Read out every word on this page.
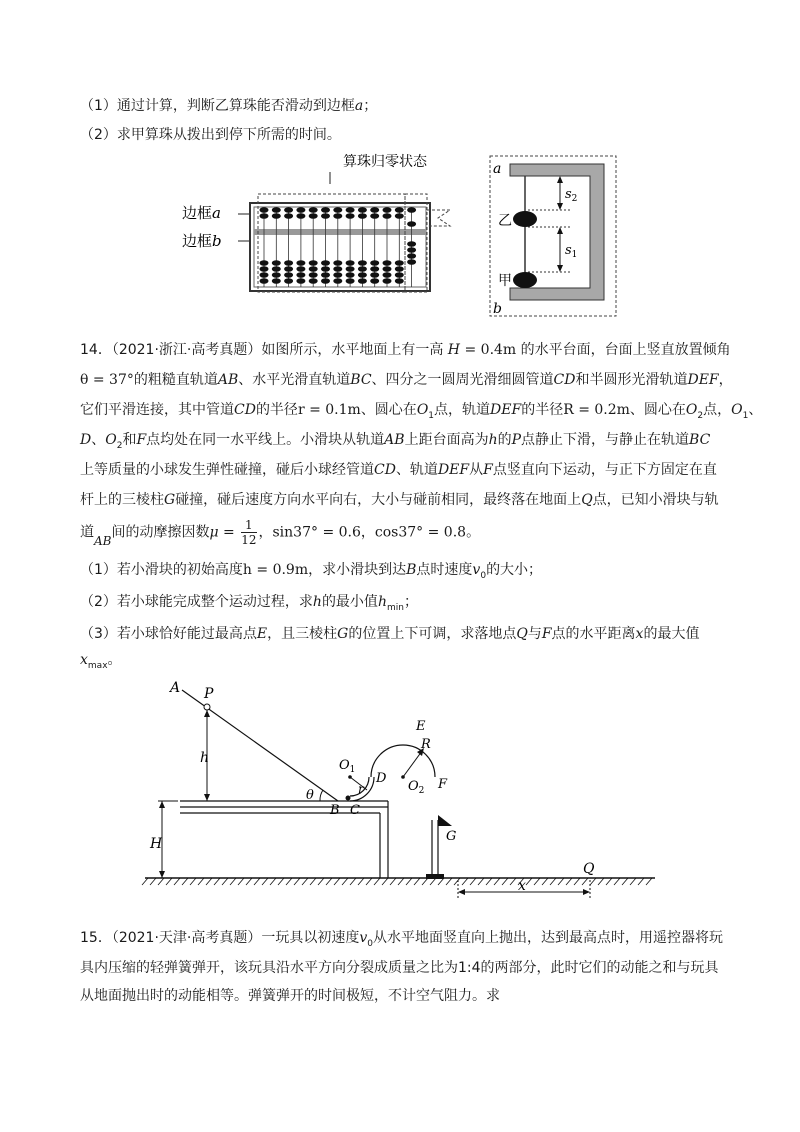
（1）通过计算，判断乙算珠能否滑动到边框a；
（2）求甲算珠从拨出到停下所需的时间。
算珠归零状态
边框a
边框b
a
b
乙
甲
$s_2$
$s_1$
14．（2021·浙江·高考真题）如图所示，水平地面上有一高 H = 0.4m 的水平台面，台面上竖直放置倾角
θ = 37°的粗糙直轨道AB、水平光滑直轨道BC、四分之一圆周光滑细圆管道CD和半圆形光滑轨道DEF，
它们平滑连接，其中管道CD的半径r = 0.1m、圆心在$O_1$点，轨道DEF的半径R = 0.2m、圆心在$O_2$点，$O_1$、
D、$O_2$和F点均处在同一水平线上。小滑块从轨道AB上距台面高为h的P点静止下滑，与静止在轨道BC
上等质量的小球发生弹性碰撞，碰后小球经管道CD、轨道DEF从F点竖直向下运动，与正下方固定在直
杆上的三棱柱G碰撞，碰后速度方向水平向右，大小与碰前相同，最终落在地面上Q点，已知小滑块与轨
道AB间的动摩擦因数$\mu = \frac{1}{12}$ ，sin37° = 0.6，cos37° = 0.8。
（1）若小滑块的初始高度h = 0.9m，求小滑块到达B点时速度$v_0$的大小；
（2）若小球能完成整个运动过程，求h的最小值$h_{min}$；
（3）若小球恰好能过最高点E，且三棱柱G的位置上下可调，求落地点Q与F点的水平距离x的最大值
$x_{max}$。
H
A P
h
θ
B C
$O_1$
r
D
E
R
$O_2$ F
G
Q
x
15．（2021·天津·高考真题）一玩具以初速度$v_0$从水平地面竖直向上抛出，达到最高点时，用遥控器将玩
具内压缩的轻弹簧弹开，该玩具沿水平方向分裂成质量之比为1:4的两部分，此时它们的动能之和与玩具
从地面抛出时的动能相等。弹簧弹开的时间极短，不计空气阻力。求
